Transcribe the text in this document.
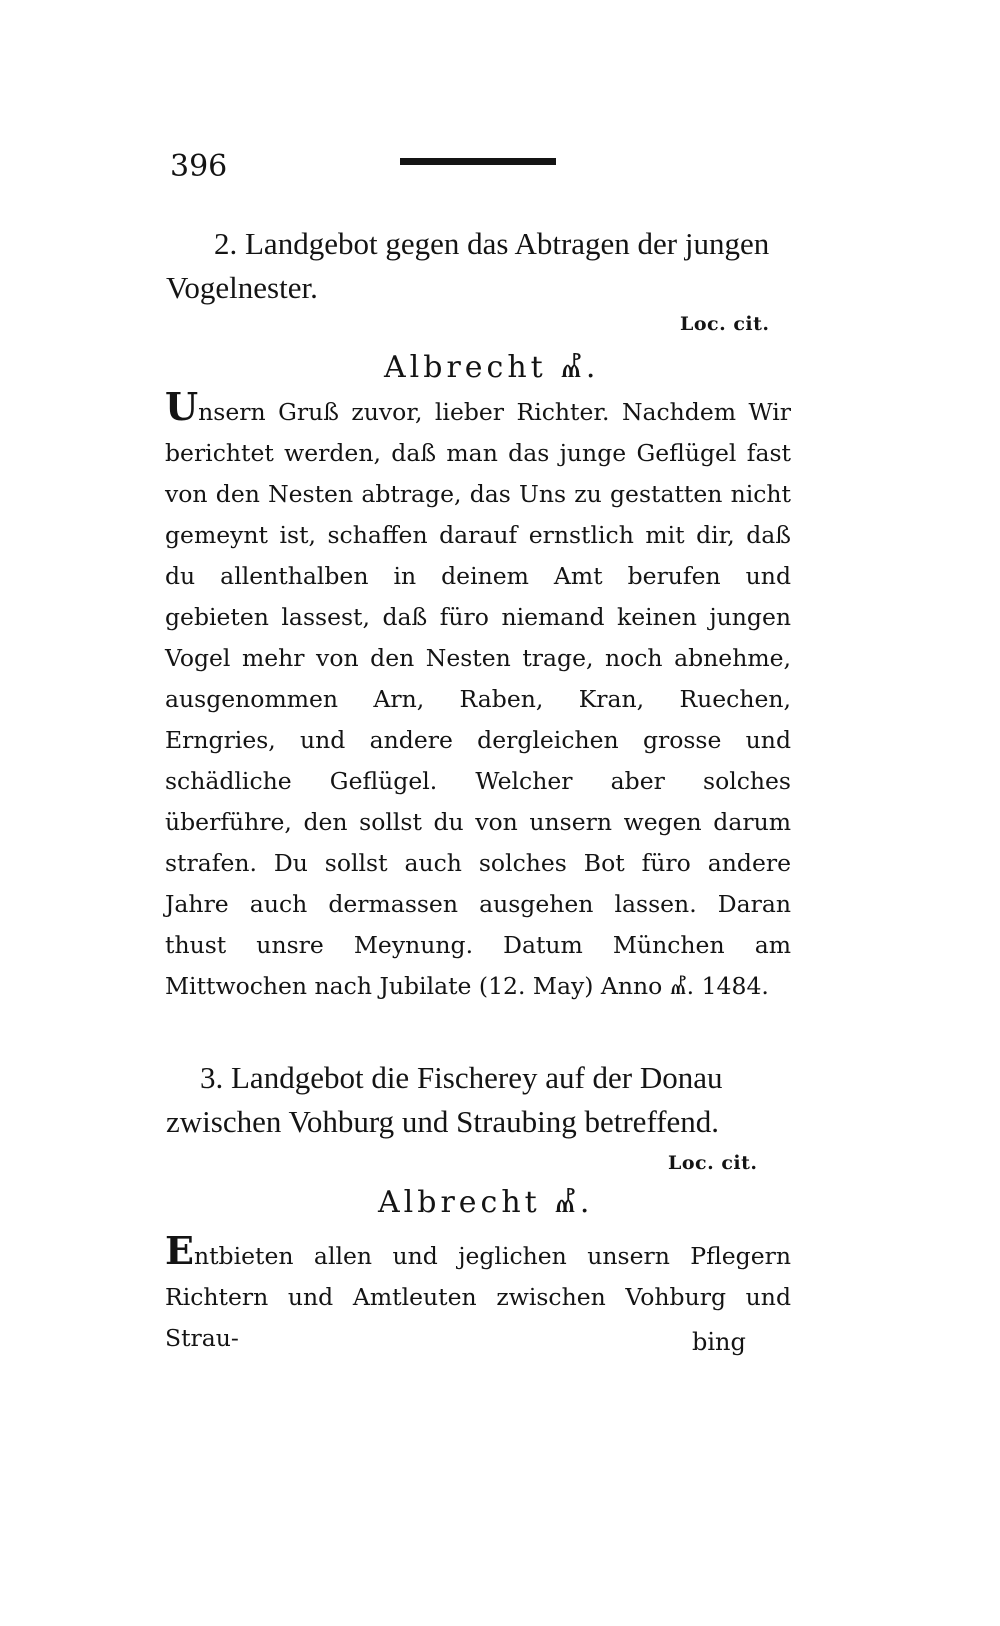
396
2. Landgebot gegen das Abtragen der jungen
Vogelnester.
Loc. cit.
Albrecht Ⰼ.

Unsern Gruß zuvor, lieber Richter. Nachdem Wir berichtet werden, daß man das junge Geflügel fast von den Nesten abtrage, das Uns zu gestatten nicht gemeynt ist, schaffen darauf ernstlich mit dir, daß du allenthalben in deinem Amt berufen und gebieten lassest, daß füro niemand keinen jungen Vogel mehr von den Nesten trage, noch abnehme, ausgenommen Arn, Raben, Kran, Ruechen, Erngries, und andere dergleichen grosse und schädliche Geflügel. Welcher aber solches überführe, den sollst du von unsern wegen darum strafen. Du sollst auch solches Bot füro andere Jahre auch dermassen ausgehen lassen. Daran thust unsre Meynung. Datum München am Mittwochen nach Jubilate (12. May) Anno Ⰼ. 1484.

3. Landgebot die Fischerey auf der Donau
zwischen Vohburg und Straubing betreffend.
Loc. cit.
Albrecht Ⰼ.

Entbieten allen und jeglichen unsern Pflegern Richtern und Amtleuten zwischen Vohburg und Strau-	bing
